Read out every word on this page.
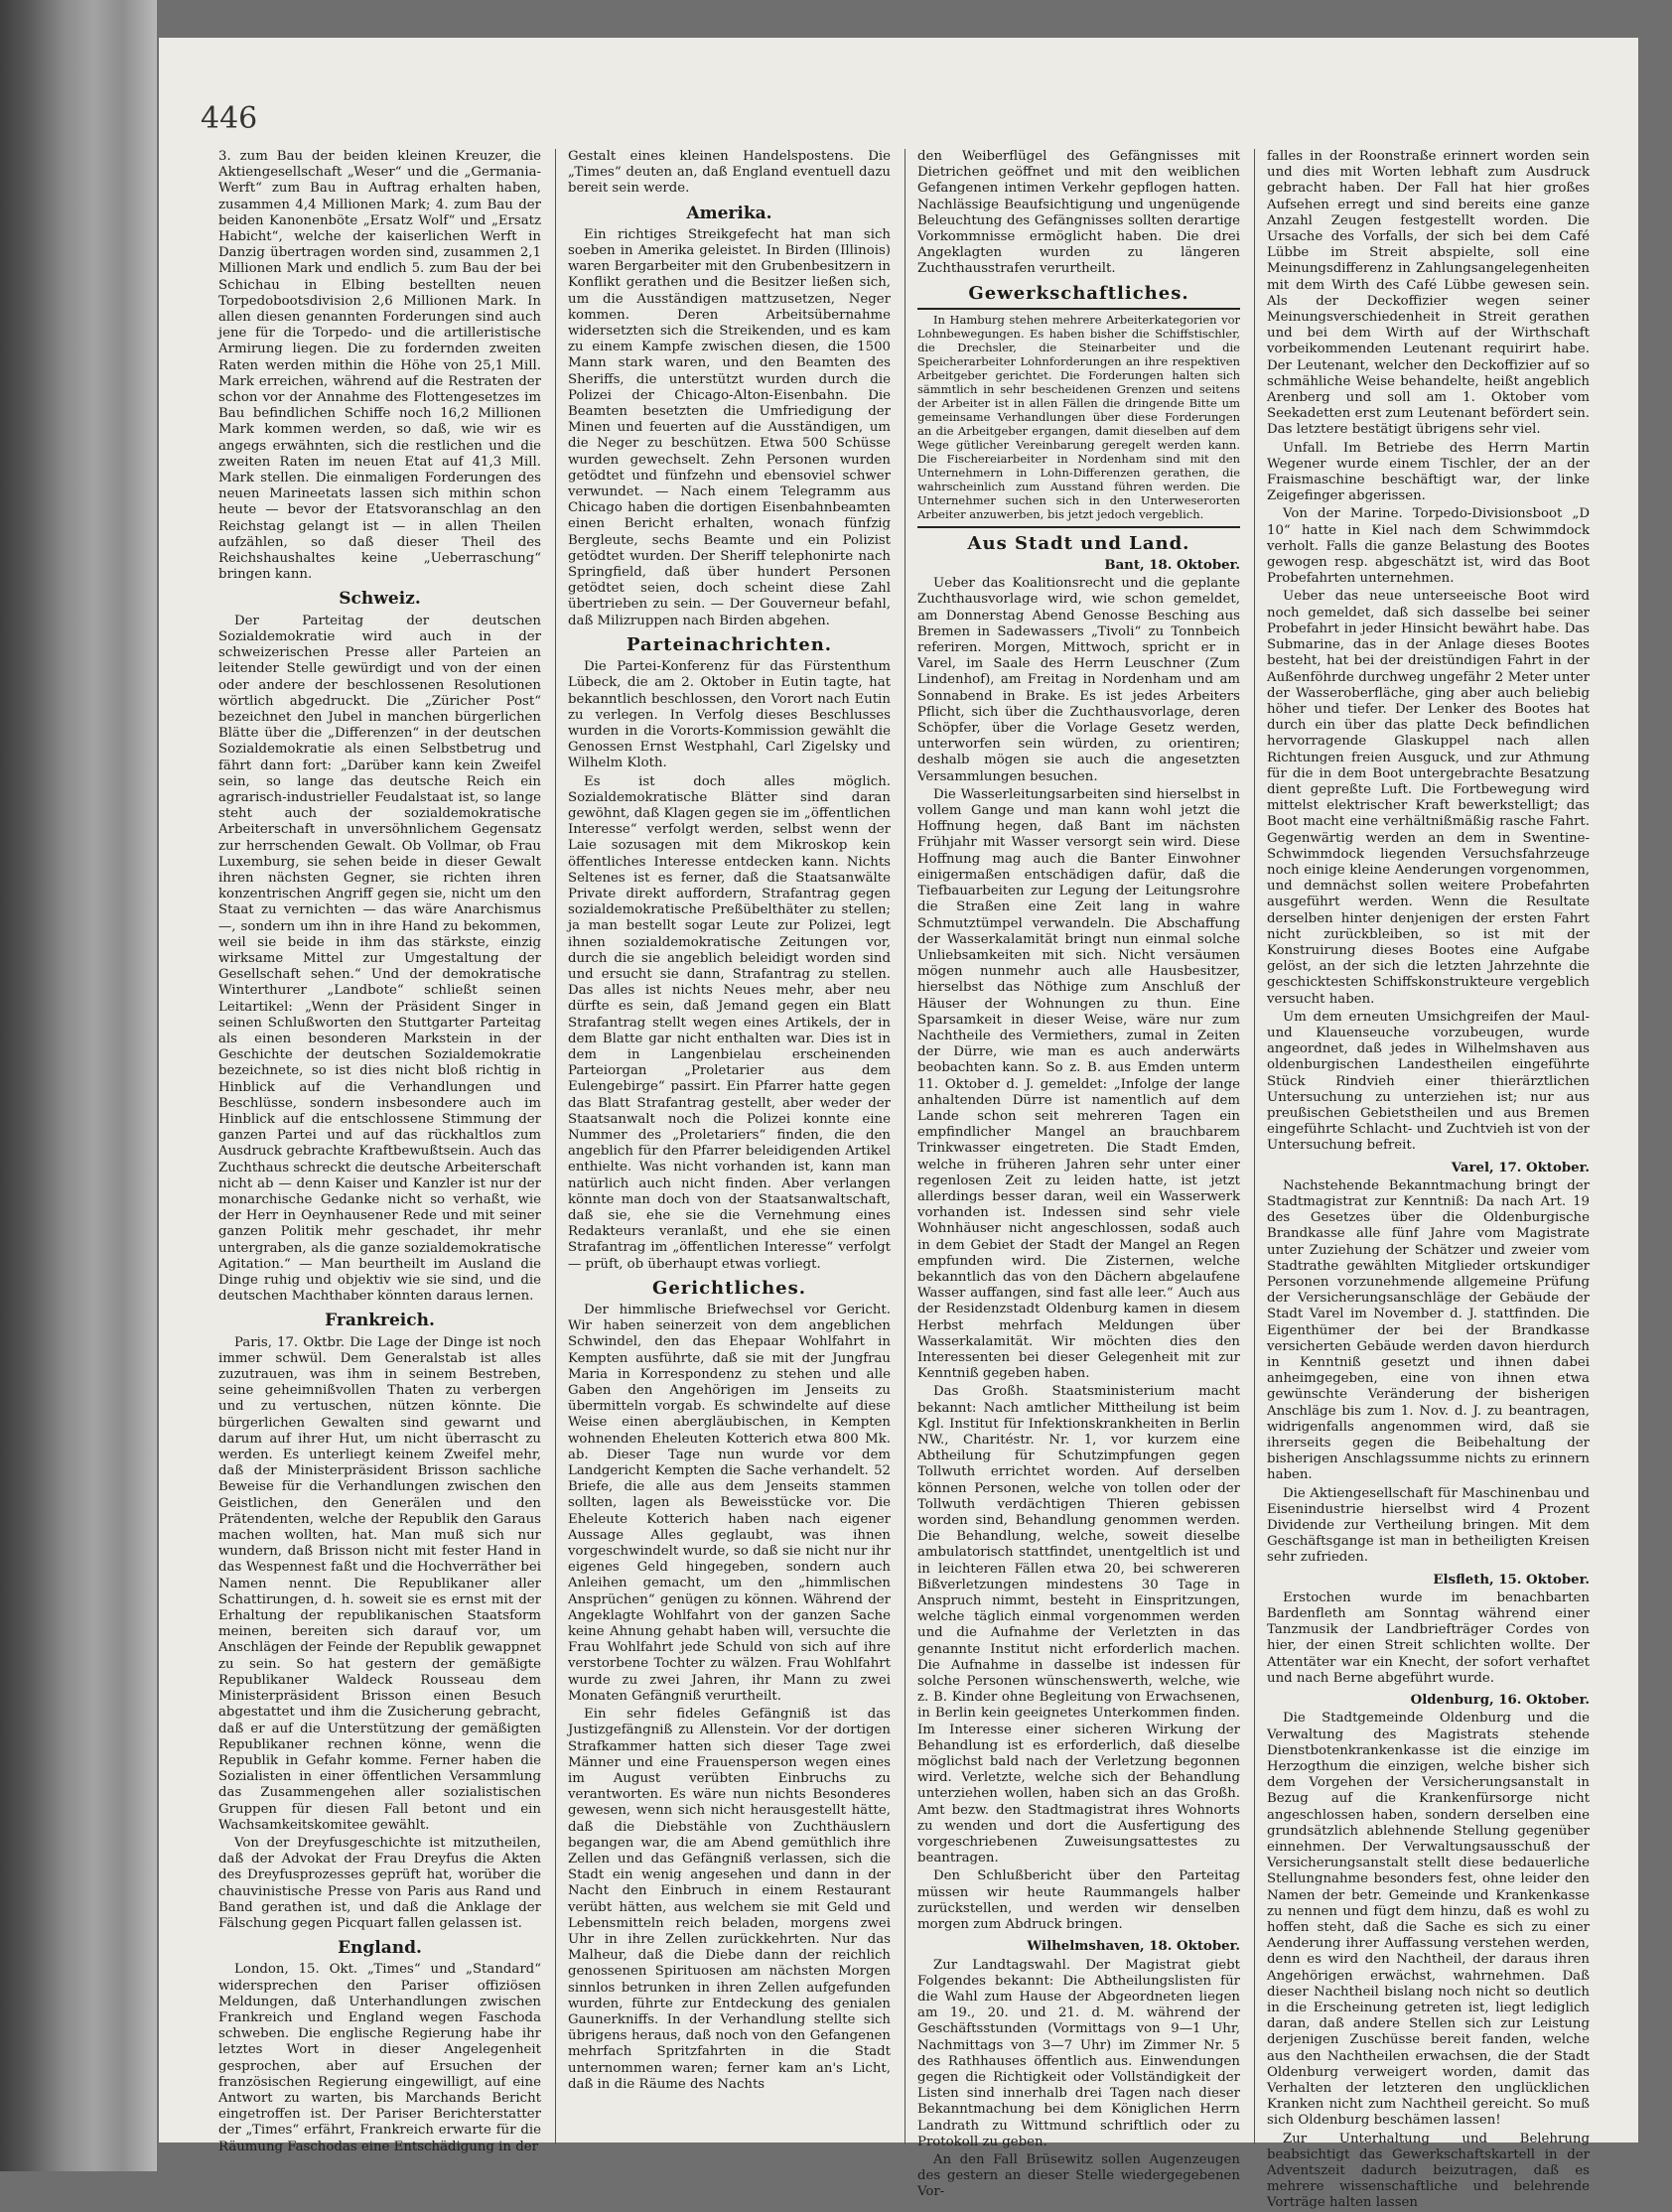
446

3. zum Bau der beiden kleinen Kreuzer, die Aktiengesellschaft „Weser“ und die „Germania-Werft“ zum Bau in Auftrag erhalten haben, zusammen 4,4 Millionen Mark; 4. zum Bau der beiden Kanonenböte „Ersatz Wolf“ und „Ersatz Habicht“, welche der kaiserlichen Werft in Danzig übertragen worden sind, zusammen 2,1 Millionen Mark und endlich 5. zum Bau der bei Schichau in Elbing bestellten neuen Torpedobootsdivision 2,6 Millionen Mark. In allen diesen genannten Forderungen sind auch jene für die Torpedo- und die artilleristische Armirung liegen. Die zu fordernden zweiten Raten werden mithin die Höhe von 25,1 Mill. Mark erreichen, während auf die Restraten der schon vor der Annahme des Flottengesetzes im Bau befindlichen Schiffe noch 16,2 Millionen Mark kommen werden, so daß, wie wir es angegs erwähnten, sich die restlichen und die zweiten Raten im neuen Etat auf 41,3 Mill. Mark stellen. Die einmaligen Forderungen des neuen Marineetats lassen sich mithin schon heute — bevor der Etatsvoranschlag an den Reichstag gelangt ist — in allen Theilen aufzählen, so daß dieser Theil des Reichshaushaltes keine „Ueberraschung“ bringen kann.

Schweiz.

Der Parteitag der deutschen Sozialdemokratie wird auch in der schweizerischen Presse aller Parteien an leitender Stelle gewürdigt und von der einen oder andere der beschlossenen Resolutionen wörtlich abgedruckt. Die „Züricher Post“ bezeichnet den Jubel in manchen bürgerlichen Blätte über die „Differenzen“ in der deutschen Sozialdemokratie als einen Selbstbetrug und fährt dann fort: „Darüber kann kein Zweifel sein, so lange das deutsche Reich ein agrarisch-industrieller Feudalstaat ist, so lange steht auch der sozialdemokratische Arbeiterschaft in unversöhnlichem Gegensatz zur herrschenden Gewalt. Ob Vollmar, ob Frau Luxemburg, sie sehen beide in dieser Gewalt ihren nächsten Gegner, sie richten ihren konzentrischen Angriff gegen sie, nicht um den Staat zu vernichten — das wäre Anarchismus —, sondern um ihn in ihre Hand zu bekommen, weil sie beide in ihm das stärkste, einzig wirksame Mittel zur Umgestaltung der Gesellschaft sehen.“ Und der demokratische Winterthurer „Landbote“ schließt seinen Leitartikel: „Wenn der Präsident Singer in seinen Schlußworten den Stuttgarter Parteitag als einen besonderen Markstein in der Geschichte der deutschen Sozialdemokratie bezeichnete, so ist dies nicht bloß richtig in Hinblick auf die Verhandlungen und Beschlüsse, sondern insbesondere auch im Hinblick auf die entschlossene Stimmung der ganzen Partei und auf das rückhaltlos zum Ausdruck gebrachte Kraftbewußtsein. Auch das Zuchthaus schreckt die deutsche Arbeiterschaft nicht ab — denn Kaiser und Kanzler ist nur der monarchische Gedanke nicht so verhaßt, wie der Herr in Oeynhausener Rede und mit seiner ganzen Politik mehr geschadet, ihr mehr untergraben, als die ganze sozialdemokratische Agitation.“ — Man beurtheilt im Ausland die Dinge ruhig und objektiv wie sie sind, und die deutschen Machthaber könnten daraus lernen.

Frankreich.

Paris, 17. Oktbr. Die Lage der Dinge ist noch immer schwül. Dem Generalstab ist alles zuzutrauen, was ihm in seinem Bestreben, seine geheimnißvollen Thaten zu verbergen und zu vertuschen, nützen könnte. Die bürgerlichen Gewalten sind gewarnt und darum auf ihrer Hut, um nicht überrascht zu werden. Es unterliegt keinem Zweifel mehr, daß der Ministerpräsident Brisson sachliche Beweise für die Verhandlungen zwischen den Geistlichen, den Generälen und den Prätendenten, welche der Republik den Garaus machen wollten, hat. Man muß sich nur wundern, daß Brisson nicht mit fester Hand in das Wespennest faßt und die Hochverräther bei Namen nennt. Die Republikaner aller Schattirungen, d. h. soweit sie es ernst mit der Erhaltung der republikanischen Staatsform meinen, bereiten sich darauf vor, um Anschlägen der Feinde der Republik gewappnet zu sein. So hat gestern der gemäßigte Republikaner Waldeck Rousseau dem Ministerpräsident Brisson einen Besuch abgestattet und ihm die Zusicherung gebracht, daß er auf die Unterstützung der gemäßigten Republikaner rechnen könne, wenn die Republik in Gefahr komme. Ferner haben die Sozialisten in einer öffentlichen Versammlung das Zusammengehen aller sozialistischen Gruppen für diesen Fall betont und ein Wachsamkeitskomitee gewählt.

Von der Dreyfusgeschichte ist mitzutheilen, daß der Advokat der Frau Dreyfus die Akten des Dreyfusprozesses geprüft hat, worüber die chauvinistische Presse von Paris aus Rand und Band gerathen ist, und daß die Anklage der Fälschung gegen Picquart fallen gelassen ist.

England.

London, 15. Okt. „Times“ und „Standard“ widersprechen den Pariser offiziösen Meldungen, daß Unterhandlungen zwischen Frankreich und England wegen Faschoda schweben. Die englische Regierung habe ihr letztes Wort in dieser Angelegenheit gesprochen, aber auf Ersuchen der französischen Regierung eingewilligt, auf eine Antwort zu warten, bis Marchands Bericht eingetroffen ist. Der Pariser Berichterstatter der „Times“ erfährt, Frankreich erwarte für die Räumung Faschodas eine Entschädigung in der

Gestalt eines kleinen Handelspostens. Die „Times“ deuten an, daß England eventuell dazu bereit sein werde.

Amerika.

Ein richtiges Streikgefecht hat man sich soeben in Amerika geleistet. In Birden (Illinois) waren Bergarbeiter mit den Grubenbesitzern in Konflikt gerathen und die Besitzer ließen sich, um die Ausständigen mattzusetzen, Neger kommen. Deren Arbeitsübernahme widersetzten sich die Streikenden, und es kam zu einem Kampfe zwischen diesen, die 1500 Mann stark waren, und den Beamten des Sheriffs, die unterstützt wurden durch die Polizei der Chicago-Alton-Eisenbahn. Die Beamten besetzten die Umfriedigung der Minen und feuerten auf die Ausständigen, um die Neger zu beschützen. Etwa 500 Schüsse wurden gewechselt. Zehn Personen wurden getödtet und fünfzehn und ebensoviel schwer verwundet. — Nach einem Telegramm aus Chicago haben die dortigen Eisenbahnbeamten einen Bericht erhalten, wonach fünfzig Bergleute, sechs Beamte und ein Polizist getödtet wurden. Der Sheriff telephonirte nach Springfield, daß über hundert Personen getödtet seien, doch scheint diese Zahl übertrieben zu sein. — Der Gouverneur befahl, daß Milizruppen nach Birden abgehen.

Parteinachrichten.

Die Partei-Konferenz für das Fürstenthum Lübeck, die am 2. Oktober in Eutin tagte, hat bekanntlich beschlossen, den Vorort nach Eutin zu verlegen. In Verfolg dieses Beschlusses wurden in die Vororts-Kommission gewählt die Genossen Ernst Westphahl, Carl Zigelsky und Wilhelm Kloth.

Es ist doch alles möglich. Sozialdemokratische Blätter sind daran gewöhnt, daß Klagen gegen sie im „öffentlichen Interesse“ verfolgt werden, selbst wenn der Laie sozusagen mit dem Mikroskop kein öffentliches Interesse entdecken kann. Nichts Seltenes ist es ferner, daß die Staatsanwälte Private direkt auffordern, Strafantrag gegen sozialdemokratische Preßübelthäter zu stellen; ja man bestellt sogar Leute zur Polizei, legt ihnen sozialdemokratische Zeitungen vor, durch die sie angeblich beleidigt worden sind und ersucht sie dann, Strafantrag zu stellen. Das alles ist nichts Neues mehr, aber neu dürfte es sein, daß Jemand gegen ein Blatt Strafantrag stellt wegen eines Artikels, der in dem Blatte gar nicht enthalten war. Dies ist in dem in Langenbielau erscheinenden Parteiorgan „Proletarier aus dem Eulengebirge“ passirt. Ein Pfarrer hatte gegen das Blatt Strafantrag gestellt, aber weder der Staatsanwalt noch die Polizei konnte eine Nummer des „Proletariers“ finden, die den angeblich für den Pfarrer beleidigenden Artikel enthielte. Was nicht vorhanden ist, kann man natürlich auch nicht finden. Aber verlangen könnte man doch von der Staatsanwaltschaft, daß sie, ehe sie die Vernehmung eines Redakteurs veranlaßt, und ehe sie einen Strafantrag im „öffentlichen Interesse“ verfolgt — prüft, ob überhaupt etwas vorliegt.

Gerichtliches.

Der himmlische Briefwechsel vor Gericht. Wir haben seinerzeit von dem angeblichen Schwindel, den das Ehepaar Wohlfahrt in Kempten ausführte, daß sie mit der Jungfrau Maria in Korrespondenz zu stehen und alle Gaben den Angehörigen im Jenseits zu übermitteln vorgab. Es schwindelte auf diese Weise einen abergläubischen, in Kempten wohnenden Eheleuten Kotterich etwa 800 Mk. ab. Dieser Tage nun wurde vor dem Landgericht Kempten die Sache verhandelt. 52 Briefe, die alle aus dem Jenseits stammen sollten, lagen als Beweisstücke vor. Die Eheleute Kotterich haben nach eigener Aussage Alles geglaubt, was ihnen vorgeschwindelt wurde, so daß sie nicht nur ihr eigenes Geld hingegeben, sondern auch Anleihen gemacht, um den „himmlischen Ansprüchen“ genügen zu können. Während der Angeklagte Wohlfahrt von der ganzen Sache keine Ahnung gehabt haben will, versuchte die Frau Wohlfahrt jede Schuld von sich auf ihre verstorbene Tochter zu wälzen. Frau Wohlfahrt wurde zu zwei Jahren, ihr Mann zu zwei Monaten Gefängniß verurtheilt.

Ein sehr fideles Gefängniß ist das Justizgefängniß zu Allenstein. Vor der dortigen Strafkammer hatten sich dieser Tage zwei Männer und eine Frauensperson wegen eines im August verübten Einbruchs zu verantworten. Es wäre nun nichts Besonderes gewesen, wenn sich nicht herausgestellt hätte, daß die Diebstähle von Zuchthäuslern begangen war, die am Abend gemüthlich ihre Zellen und das Gefängniß verlassen, sich die Stadt ein wenig angesehen und dann in der Nacht den Einbruch in einem Restaurant verübt hätten, aus welchem sie mit Geld und Lebensmitteln reich beladen, morgens zwei Uhr in ihre Zellen zurückkehrten. Nur das Malheur, daß die Diebe dann der reichlich genossenen Spirituosen am nächsten Morgen sinnlos betrunken in ihren Zellen aufgefunden wurden, führte zur Entdeckung des genialen Gaunerkniffs. In der Verhandlung stellte sich übrigens heraus, daß noch von den Gefangenen mehrfach Spritzfahrten in die Stadt unternommen waren; ferner kam an's Licht, daß in die Räume des Nachts

den Weiberflügel des Gefängnisses mit Dietrichen geöffnet und mit den weiblichen Gefangenen intimen Verkehr gepflogen hatten. Nachlässige Beaufsichtigung und ungenügende Beleuchtung des Gefängnisses sollten derartige Vorkommnisse ermöglicht haben. Die drei Angeklagten wurden zu längeren Zuchthausstrafen verurtheilt.

Gewerkschaftliches.

In Hamburg stehen mehrere Arbeiterkategorien vor Lohnbewegungen. Es haben bisher die Schiffstischler, die Drechsler, die Steinarbeiter und die Speicherarbeiter Lohnforderungen an ihre respektiven Arbeitgeber gerichtet. Die Forderungen halten sich sämmtlich in sehr bescheidenen Grenzen und seitens der Arbeiter ist in allen Fällen die dringende Bitte um gemeinsame Verhandlungen über diese Forderungen an die Arbeitgeber ergangen, damit dieselben auf dem Wege gütlicher Vereinbarung geregelt werden kann. Die Fischereiarbeiter in Nordenham sind mit den Unternehmern in Lohn-Differenzen gerathen, die wahrscheinlich zum Ausstand führen werden. Die Unternehmer suchen sich in den Unterweserorten Arbeiter anzuwerben, bis jetzt jedoch vergeblich.

Aus Stadt und Land.
Bant, 18. Oktober.

Ueber das Koalitionsrecht und die geplante Zuchthausvorlage wird, wie schon gemeldet, am Donnerstag Abend Genosse Besching aus Bremen in Sadewassers „Tivoli“ zu Tonnbeich referiren. Morgen, Mittwoch, spricht er in Varel, im Saale des Herrn Leuschner (Zum Lindenhof), am Freitag in Nordenham und am Sonnabend in Brake. Es ist jedes Arbeiters Pflicht, sich über die Zuchthausvorlage, deren Schöpfer, über die Vorlage Gesetz werden, unterworfen sein würden, zu orientiren; deshalb mögen sie auch die angesetzten Versammlungen besuchen.

Die Wasserleitungsarbeiten sind hierselbst in vollem Gange und man kann wohl jetzt die Hoffnung hegen, daß Bant im nächsten Frühjahr mit Wasser versorgt sein wird. Diese Hoffnung mag auch die Banter Einwohner einigermaßen entschädigen dafür, daß die Tiefbauarbeiten zur Legung der Leitungsrohre die Straßen eine Zeit lang in wahre Schmutztümpel verwandeln. Die Abschaffung der Wasserkalamität bringt nun einmal solche Unliebsamkeiten mit sich. Nicht versäumen mögen nunmehr auch alle Hausbesitzer, hierselbst das Nöthige zum Anschluß der Häuser der Wohnungen zu thun. Eine Sparsamkeit in dieser Weise, wäre nur zum Nachtheile des Vermiethers, zumal in Zeiten der Dürre, wie man es auch anderwärts beobachten kann. So z. B. aus Emden unterm 11. Oktober d. J. gemeldet: „Infolge der lange anhaltenden Dürre ist namentlich auf dem Lande schon seit mehreren Tagen ein empfindlicher Mangel an brauchbarem Trinkwasser eingetreten. Die Stadt Emden, welche in früheren Jahren sehr unter einer regenlosen Zeit zu leiden hatte, ist jetzt allerdings besser daran, weil ein Wasserwerk vorhanden ist. Indessen sind sehr viele Wohnhäuser nicht angeschlossen, sodaß auch in dem Gebiet der Stadt der Mangel an Regen empfunden wird. Die Zisternen, welche bekanntlich das von den Dächern abgelaufene Wasser auffangen, sind fast alle leer.“ Auch aus der Residenzstadt Oldenburg kamen in diesem Herbst mehrfach Meldungen über Wasserkalamität. Wir möchten dies den Interessenten bei dieser Gelegenheit mit zur Kenntniß gegeben haben.

Das Großh. Staatsministerium macht bekannt: Nach amtlicher Mittheilung ist beim Kgl. Institut für Infektionskrankheiten in Berlin NW., Charitéstr. Nr. 1, vor kurzem eine Abtheilung für Schutzimpfungen gegen Tollwuth errichtet worden. Auf derselben können Personen, welche von tollen oder der Tollwuth verdächtigen Thieren gebissen worden sind, Behandlung genommen werden. Die Behandlung, welche, soweit dieselbe ambulatorisch stattfindet, unentgeltlich ist und in leichteren Fällen etwa 20, bei schwereren Bißverletzungen mindestens 30 Tage in Anspruch nimmt, besteht in Einspritzungen, welche täglich einmal vorgenommen werden und die Aufnahme der Verletzten in das genannte Institut nicht erforderlich machen. Die Aufnahme in dasselbe ist indessen für solche Personen wünschenswerth, welche, wie z. B. Kinder ohne Begleitung von Erwachsenen, in Berlin kein geeignetes Unterkommen finden. Im Interesse einer sicheren Wirkung der Behandlung ist es erforderlich, daß dieselbe möglichst bald nach der Verletzung begonnen wird. Verletzte, welche sich der Behandlung unterziehen wollen, haben sich an das Großh. Amt bezw. den Stadtmagistrat ihres Wohnorts zu wenden und dort die Ausfertigung des vorgeschriebenen Zuweisungsattestes zu beantragen.

Den Schlußbericht über den Parteitag müssen wir heute Raummangels halber zurückstellen, und werden wir denselben morgen zum Abdruck bringen.

Wilhelmshaven, 18. Oktober.

Zur Landtagswahl. Der Magistrat giebt Folgendes bekannt: Die Abtheilungslisten für die Wahl zum Hause der Abgeordneten liegen am 19., 20. und 21. d. M. während der Geschäftsstunden (Vormittags von 9—1 Uhr, Nachmittags von 3—7 Uhr) im Zimmer Nr. 5 des Rathhauses öffentlich aus. Einwendungen gegen die Richtigkeit oder Vollständigkeit der Listen sind innerhalb drei Tagen nach dieser Bekanntmachung bei dem Königlichen Herrn Landrath zu Wittmund schriftlich oder zu Protokoll zu geben.

An den Fall Brüsewitz sollen Augenzeugen des gestern an dieser Stelle wiedergegebenen Vor-

falles in der Roonstraße erinnert worden sein und dies mit Worten lebhaft zum Ausdruck gebracht haben. Der Fall hat hier großes Aufsehen erregt und sind bereits eine ganze Anzahl Zeugen festgestellt worden. Die Ursache des Vorfalls, der sich bei dem Café Lübbe im Streit abspielte, soll eine Meinungsdifferenz in Zahlungsangelegenheiten mit dem Wirth des Café Lübbe gewesen sein. Als der Deckoffizier wegen seiner Meinungsverschiedenheit in Streit gerathen und bei dem Wirth auf der Wirthschaft vorbeikommenden Leutenant requirirt habe. Der Leutenant, welcher den Deckoffizier auf so schmähliche Weise behandelte, heißt angeblich Arenberg und soll am 1. Oktober vom Seekadetten erst zum Leutenant befördert sein. Das letztere bestätigt übrigens sehr viel.

Unfall. Im Betriebe des Herrn Martin Wegener wurde einem Tischler, der an der Fraismaschine beschäftigt war, der linke Zeigefinger abgerissen.

Von der Marine. Torpedo-Divisionsboot „D 10“ hatte in Kiel nach dem Schwimmdock verholt. Falls die ganze Belastung des Bootes gewogen resp. abgeschätzt ist, wird das Boot Probefahrten unternehmen.

Ueber das neue unterseeische Boot wird noch gemeldet, daß sich dasselbe bei seiner Probefahrt in jeder Hinsicht bewährt habe. Das Submarine, das in der Anlage dieses Bootes besteht, hat bei der dreistündigen Fahrt in der Außenföhrde durchweg ungefähr 2 Meter unter der Wasseroberfläche, ging aber auch beliebig höher und tiefer. Der Lenker des Bootes hat durch ein über das platte Deck befindlichen hervorragende Glaskuppel nach allen Richtungen freien Ausguck, und zur Athmung für die in dem Boot untergebrachte Besatzung dient gepreßte Luft. Die Fortbewegung wird mittelst elektrischer Kraft bewerkstelligt; das Boot macht eine verhältnißmäßig rasche Fahrt. Gegenwärtig werden an dem in Swentine-Schwimmdock liegenden Versuchsfahrzeuge noch einige kleine Aenderungen vorgenommen, und demnächst sollen weitere Probefahrten ausgeführt werden. Wenn die Resultate derselben hinter denjenigen der ersten Fahrt nicht zurückbleiben, so ist mit der Konstruirung dieses Bootes eine Aufgabe gelöst, an der sich die letzten Jahrzehnte die geschicktesten Schiffskonstrukteure vergeblich versucht haben.

Um dem erneuten Umsichgreifen der Maul- und Klauenseuche vorzubeugen, wurde angeordnet, daß jedes in Wilhelmshaven aus oldenburgischen Landestheilen eingeführte Stück Rindvieh einer thierärztlichen Untersuchung zu unterziehen ist; nur aus preußischen Gebietstheilen und aus Bremen eingeführte Schlacht- und Zuchtvieh ist von der Untersuchung befreit.

Varel, 17. Oktober.

Nachstehende Bekanntmachung bringt der Stadtmagistrat zur Kenntniß: Da nach Art. 19 des Gesetzes über die Oldenburgische Brandkasse alle fünf Jahre vom Magistrate unter Zuziehung der Schätzer und zweier vom Stadtrathe gewählten Mitglieder ortskundiger Personen vorzunehmende allgemeine Prüfung der Versicherungsanschläge der Gebäude der Stadt Varel im November d. J. stattfinden. Die Eigenthümer der bei der Brandkasse versicherten Gebäude werden davon hierdurch in Kenntniß gesetzt und ihnen dabei anheimgegeben, eine von ihnen etwa gewünschte Veränderung der bisherigen Anschläge bis zum 1. Nov. d. J. zu beantragen, widrigenfalls angenommen wird, daß sie ihrerseits gegen die Beibehaltung der bisherigen Anschlagssumme nichts zu erinnern haben.

Die Aktiengesellschaft für Maschinenbau und Eisenindustrie hierselbst wird 4 Prozent Dividende zur Vertheilung bringen. Mit dem Geschäftsgange ist man in betheiligten Kreisen sehr zufrieden.

Elsfleth, 15. Oktober.

Erstochen wurde im benachbarten Bardenfleth am Sonntag während einer Tanzmusik der Landbriefträger Cordes von hier, der einen Streit schlichten wollte. Der Attentäter war ein Knecht, der sofort verhaftet und nach Berne abgeführt wurde.

Oldenburg, 16. Oktober.

Die Stadtgemeinde Oldenburg und die Verwaltung des Magistrats stehende Dienstbotenkrankenkasse ist die einzige im Herzogthum die einzigen, welche bisher sich dem Vorgehen der Versicherungsanstalt in Bezug auf die Krankenfürsorge nicht angeschlossen haben, sondern derselben eine grundsätzlich ablehnende Stellung gegenüber einnehmen. Der Verwaltungsausschuß der Versicherungsanstalt stellt diese bedauerliche Stellungnahme besonders fest, ohne leider den Namen der betr. Gemeinde und Krankenkasse zu nennen und fügt dem hinzu, daß es wohl zu hoffen steht, daß die Sache es sich zu einer Aenderung ihrer Auffassung verstehen werden, denn es wird den Nachtheil, der daraus ihren Angehörigen erwächst, wahrnehmen. Daß dieser Nachtheil bislang noch nicht so deutlich in die Erscheinung getreten ist, liegt lediglich daran, daß andere Stellen sich zur Leistung derjenigen Zuschüsse bereit fanden, welche aus den Nachtheilen erwachsen, die der Stadt Oldenburg verweigert worden, damit das Verhalten der letzteren den unglücklichen Kranken nicht zum Nachtheil gereicht. So muß sich Oldenburg beschämen lassen!

Zur Unterhaltung und Belehrung beabsichtigt das Gewerkschaftskartell in der Adventszeit dadurch beizutragen, daß es mehrere wissenschaftliche und belehrende Vorträge halten lassen
